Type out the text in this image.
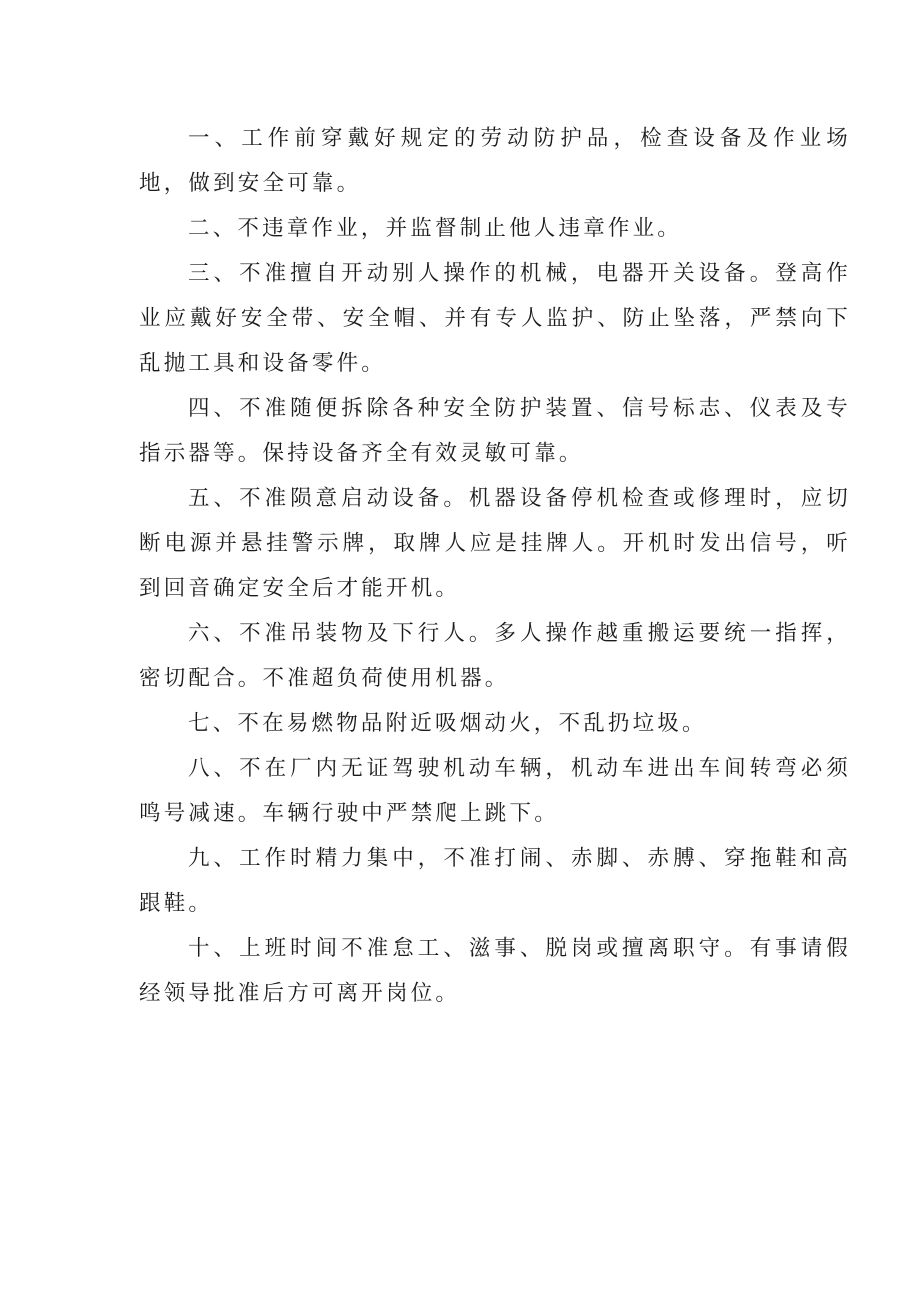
一、工作前穿戴好规定的劳动防护品，检查设备及作业场地，做到安全可靠。

二、不违章作业，并监督制止他人违章作业。

三、不准擅自开动别人操作的机械，电器开关设备。登高作业应戴好安全带、安全帽、并有专人监护、防止坠落，严禁向下乱抛工具和设备零件。

四、不准随便拆除各种安全防护装置、信号标志、仪表及专指示器等。保持设备齐全有效灵敏可靠。

五、不准陨意启动设备。机器设备停机检查或修理时，应切断电源并悬挂警示牌，取牌人应是挂牌人。开机时发出信号，听到回音确定安全后才能开机。

六、不准吊装物及下行人。多人操作越重搬运要统一指挥，密切配合。不准超负荷使用机器。

七、不在易燃物品附近吸烟动火，不乱扔垃圾。

八、不在厂内无证驾驶机动车辆，机动车进出车间转弯必须鸣号减速。车辆行驶中严禁爬上跳下。

九、工作时精力集中，不准打闹、赤脚、赤膊、穿拖鞋和高跟鞋。

十、上班时间不准怠工、滋事、脱岗或擅离职守。有事请假经领导批准后方可离开岗位。
